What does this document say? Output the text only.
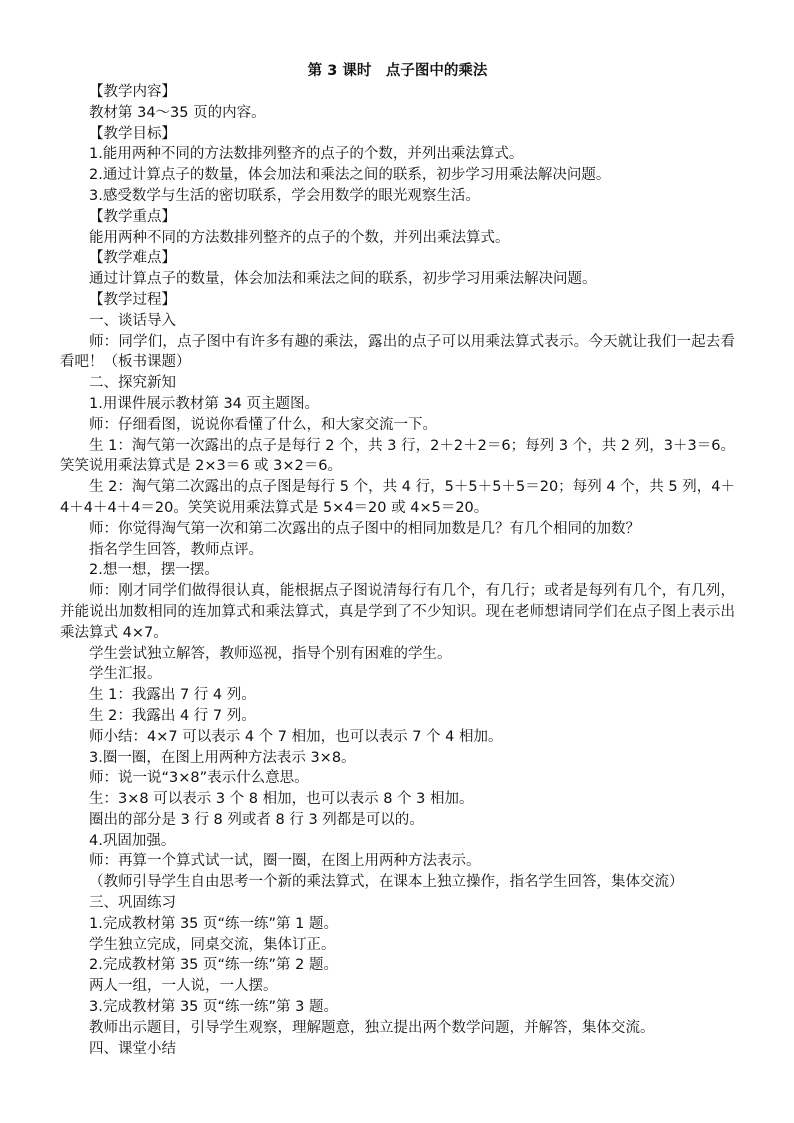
第 3 课时　点子图中的乘法

【教学内容】

教材第 34～35 页的内容。

【教学目标】

1.能用两种不同的方法数排列整齐的点子的个数，并列出乘法算式。

2.通过计算点子的数量，体会加法和乘法之间的联系，初步学习用乘法解决问题。

3.感受数学与生活的密切联系，学会用数学的眼光观察生活。

【教学重点】

能用两种不同的方法数排列整齐的点子的个数，并列出乘法算式。

【教学难点】

通过计算点子的数量，体会加法和乘法之间的联系，初步学习用乘法解决问题。

【教学过程】

一、谈话导入

师：同学们，点子图中有许多有趣的乘法，露出的点子可以用乘法算式表示。今天就让我们一起去看看吧！（板书课题）

二、探究新知

1.用课件展示教材第 34 页主题图。

师：仔细看图，说说你看懂了什么，和大家交流一下。

生 1：淘气第一次露出的点子是每行 2 个，共 3 行，2＋2＋2＝6；每列 3 个，共 2 列，3＋3＝6。笑笑说用乘法算式是 2×3＝6 或 3×2＝6。

生 2：淘气第二次露出的点子图是每行 5 个，共 4 行，5＋5＋5＋5＝20；每列 4 个，共 5 列，4＋4＋4＋4＋4＝20。笑笑说用乘法算式是 5×4＝20 或 4×5＝20。

师：你觉得淘气第一次和第二次露出的点子图中的相同加数是几？有几个相同的加数？

指名学生回答，教师点评。

2.想一想，摆一摆。

师：刚才同学们做得很认真，能根据点子图说清每行有几个，有几行；或者是每列有几个，有几列，并能说出加数相同的连加算式和乘法算式，真是学到了不少知识。现在老师想请同学们在点子图上表示出乘法算式 4×7。

学生尝试独立解答，教师巡视，指导个别有困难的学生。

学生汇报。

生 1：我露出 7 行 4 列。

生 2：我露出 4 行 7 列。

师小结：4×7 可以表示 4 个 7 相加，也可以表示 7 个 4 相加。

3.圈一圈，在图上用两种方法表示 3×8。

师：说一说“3×8”表示什么意思。

生：3×8 可以表示 3 个 8 相加，也可以表示 8 个 3 相加。

圈出的部分是 3 行 8 列或者 8 行 3 列都是可以的。

4.巩固加强。

师：再算一个算式试一试，圈一圈，在图上用两种方法表示。

（教师引导学生自由思考一个新的乘法算式，在课本上独立操作，指名学生回答，集体交流）

三、巩固练习

1.完成教材第 35 页“练一练”第 1 题。

学生独立完成，同桌交流，集体订正。

2.完成教材第 35 页“练一练”第 2 题。

两人一组，一人说，一人摆。

3.完成教材第 35 页“练一练”第 3 题。

教师出示题目，引导学生观察，理解题意，独立提出两个数学问题，并解答，集体交流。

四、课堂小结
